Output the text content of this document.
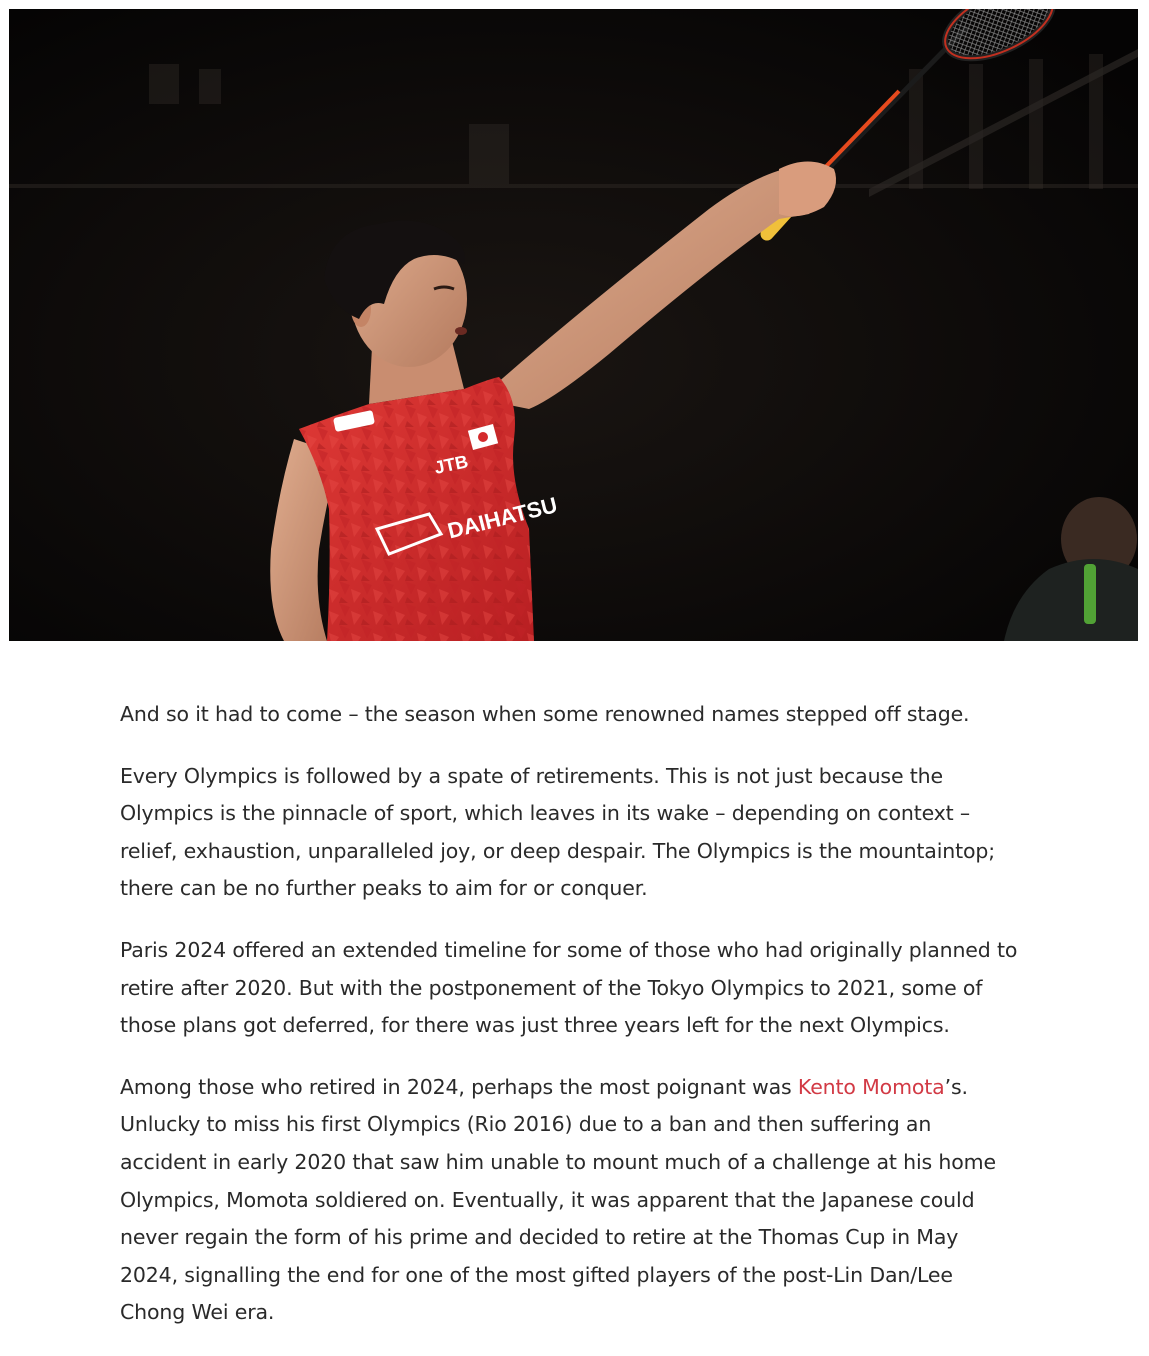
JTB
DAIHATSU

And so it had to come – the season when some renowned names stepped off stage.

Every Olympics is followed by a spate of retirements. This is not just because the Olympics is the pinnacle of sport, which leaves in its wake – depending on context – relief, exhaustion, unparalleled joy, or deep despair. The Olympics is the mountaintop; there can be no further peaks to aim for or conquer.

Paris 2024 offered an extended timeline for some of those who had originally planned to retire after 2020. But with the postponement of the Tokyo Olympics to 2021, some of those plans got deferred, for there was just three years left for the next Olympics.

Among those who retired in 2024, perhaps the most poignant was Kento Momota’s. Unlucky to miss his first Olympics (Rio 2016) due to a ban and then suffering an accident in early 2020 that saw him unable to mount much of a challenge at his home Olympics, Momota soldiered on. Eventually, it was apparent that the Japanese could never regain the form of his prime and decided to retire at the Thomas Cup in May 2024, signalling the end for one of the most gifted players of the post-Lin Dan/Lee Chong Wei era.
